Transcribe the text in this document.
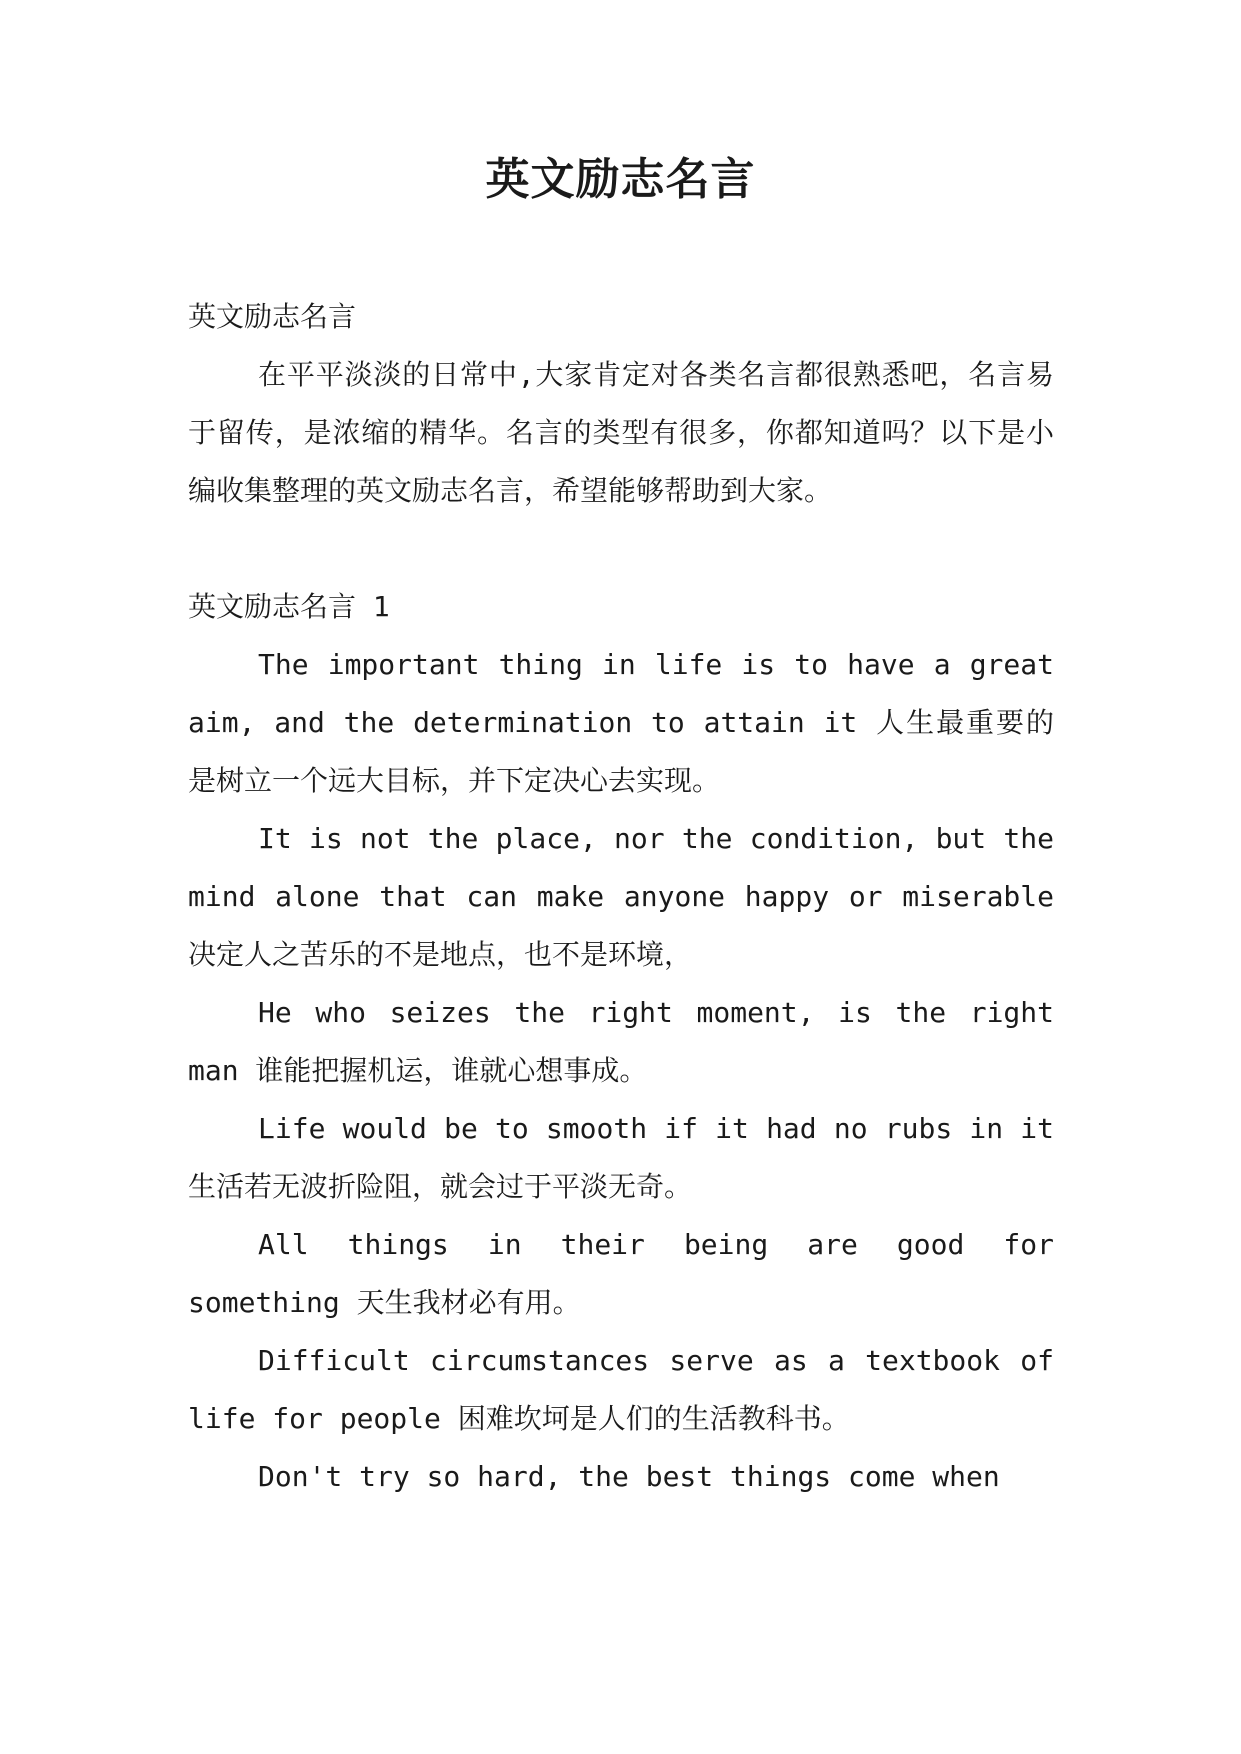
英文励志名言

英文励志名言

在平平淡淡的日常中,大家肯定对各类名言都很熟悉吧，名言易于留传，是浓缩的精华。名言的类型有很多，你都知道吗？以下是小编收集整理的英文励志名言，希望能够帮助到大家。

英文励志名言 1

The important thing in life is to have a great aim, and the determination to attain it 人生最重要的是树立一个远大目标，并下定决心去实现。

It is not the place, nor the condition, but the mind alone that can make anyone happy or miserable 决定人之苦乐的不是地点，也不是环境，

He who seizes the right moment, is the right man 谁能把握机运，谁就心想事成。

Life would be to smooth if it had no rubs in it 生活若无波折险阻，就会过于平淡无奇。

All things in their being are good for something 天生我材必有用。

Difficult circumstances serve as a textbook of life for people 困难坎坷是人们的生活教科书。

Don't try so hard, the best things come when
